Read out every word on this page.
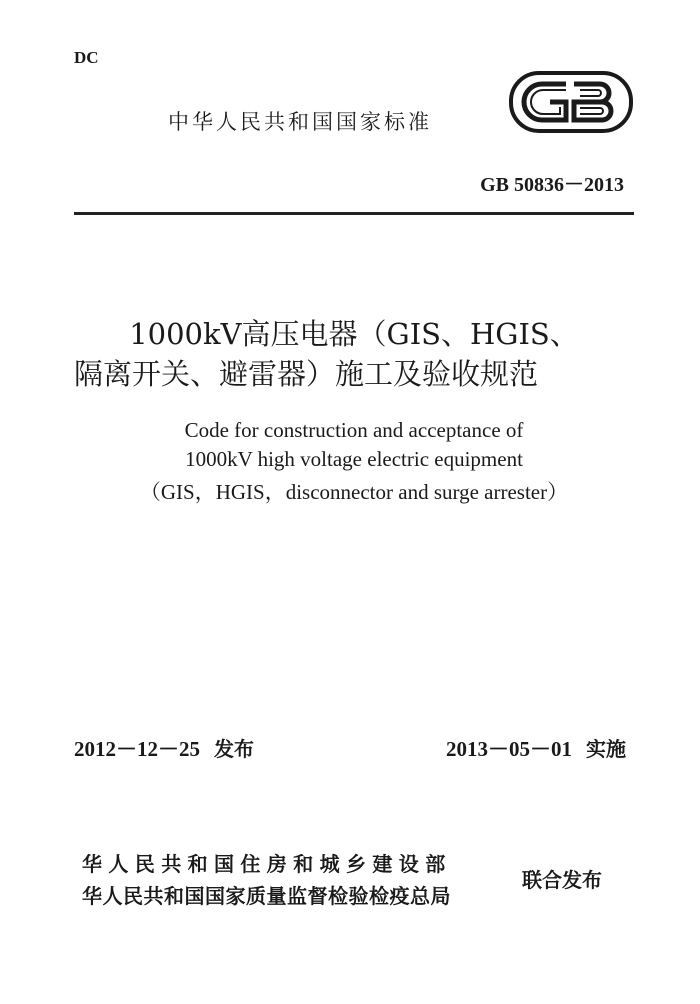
DC
中华人民共和国国家标准
GB 50836－2013
1000kV高压电器（GIS、HGIS、
隔离开关、避雷器）施工及验收规范
Code for construction and acceptance of
1000kV high voltage electric equipment
（GIS，HGIS，disconnector and surge arrester）
2012－12－25 发布	2013－05－01 实施
华人民共和国住房和城乡建设部
华人民共和国国家质量监督检验检疫总局
联合发布
